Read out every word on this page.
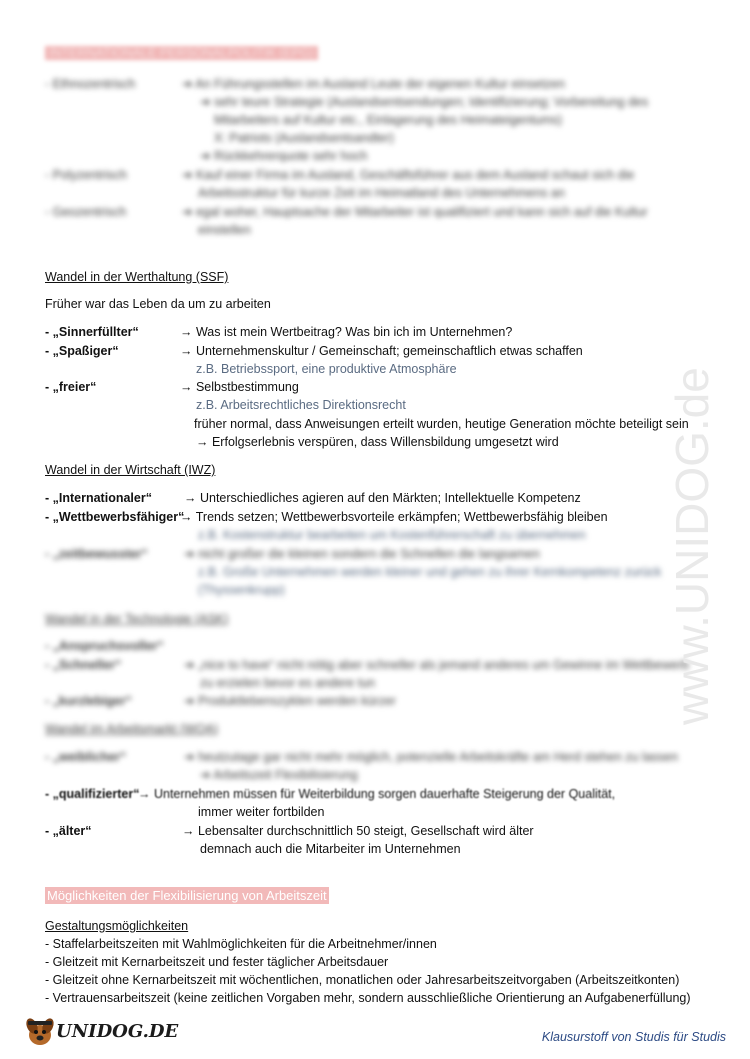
INTERNATIONALE PERSONALPOLITIK (EPG)
- Ethnozentrisch	➔ An Führungsstellen im Ausland Leute der eigenen Kultur einsetzen
➔ sehr teure Strategie (Auslandsentsendungen; Identifizierung; Vorbereitung des
Mitarbeiters auf Kultur etc., Einlagerung des Heimateigentums)
X: Patriots (Auslandsentsandter)
➔ Rückkehrerquote sehr hoch
- Polyzentrisch	➔ Kauf einer Firma im Ausland, Geschäftsführer aus dem Ausland schaut sich die
Arbeitsstruktur für kurze Zeit im Heimatland des Unternehmens an
- Geozentrisch	➔ egal woher, Hauptsache der Mitarbeiter ist qualifiziert und kann sich auf die Kultur
einstellen
Wandel in der Werthaltung (SSF)
Früher war das Leben da um zu arbeiten
- „Sinnerfüllter“	→ Was ist mein Wertbeitrag? Was bin ich im Unternehmen?
- „Spaßiger“	→ Unternehmenskultur / Gemeinschaft; gemeinschaftlich etwas schaffen
z.B. Betriebssport, eine produktive Atmosphäre
- „freier“	→ Selbstbestimmung
z.B. Arbeitsrechtliches Direktionsrecht
früher normal, dass Anweisungen erteilt wurden, heutige Generation möchte beteiligt sein
→ Erfolgserlebnis verspüren, dass Willensbildung umgesetzt wird
Wandel in der Wirtschaft (IWZ)
- „Internationaler“	→ Unterschiedliches agieren auf den Märkten; Intellektuelle Kompetenz
- „Wettbewerbsfähiger“
→ Trends setzen; Wettbewerbsvorteile erkämpfen; Wettbewerbsfähig bleiben
z.B. Kostenstruktur bearbeiten um Kostenführerschaft zu übernehmen
- „zeitbewusster“	➔ nicht großer die kleinen sondern die Schnellen die langsamen
z.B. Große Unternehmen werden kleiner und gehen zu ihrer Kernkompetenz zurück
(Thyssenkrupp)
Wandel in der Technologie (ASK)
- „Anspruchsvoller“
- „Schneller“	➔ „nice to have“ nicht nötig aber schneller als jemand anderes um Gewinne im Wettbewerb
zu erzielen bevor es andere tun
- „kurzlebiger“	➔ Produktlebenszyklen werden kürzer
Wandel im Arbeitsmarkt (WQA)
- „weiblicher“	➔ heutzutage gar nicht mehr möglich, potenzielle Arbeitskräfte am Herd stehen zu lassen
➔ Arbeitszeit Flexibilisierung
- „qualifizierter“
→ Unternehmen müssen für Weiterbildung sorgen dauerhafte Steigerung der Qualität,
immer weiter fortbilden
- „älter“	→ Lebensalter durchschnittlich 50 steigt, Gesellschaft wird älter
demnach auch die Mitarbeiter im Unternehmen
Möglichkeiten der Flexibilisierung von Arbeitszeit
Gestaltungsmöglichkeiten
- Staffelarbeitszeiten mit Wahlmöglichkeiten für die Arbeitnehmer/innen
- Gleitzeit mit Kernarbeitszeit und fester täglicher Arbeitsdauer
- Gleitzeit ohne Kernarbeitszeit mit wöchentlichen, monatlichen oder Jahresarbeitszeitvorgaben (Arbeitszeitkonten)
- Vertrauensarbeitszeit (keine zeitlichen Vorgaben mehr, sondern ausschließliche Orientierung an Aufgabenerfüllung)
www.UNIDOG.de
UNIDOG.DE	Klausurstoff von Studis für Studis
